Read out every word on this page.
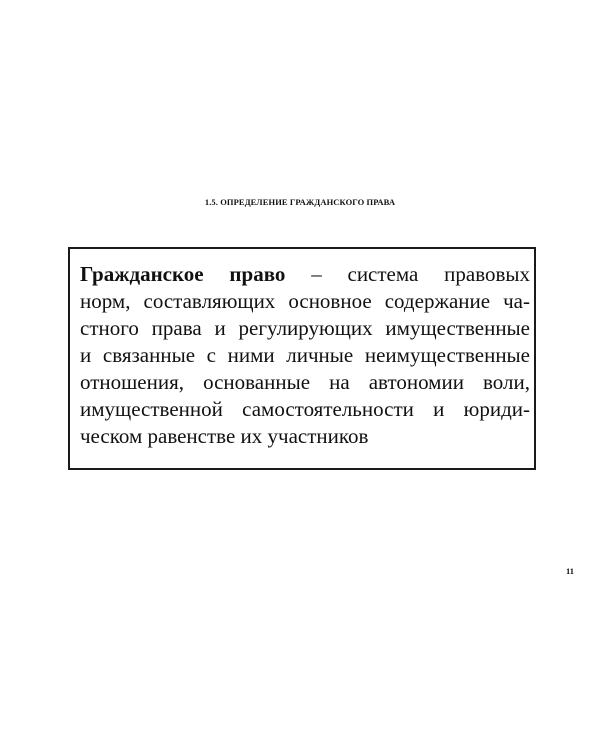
1.5. ОПРЕДЕЛЕНИЕ ГРАЖДАНСКОГО ПРАВА
Гражданское право – система правовых
норм, составляющих основное содержание ча-
стного права и регулирующих имущественные
и связанные с ними личные неимущественные
отношения, основанные на автономии воли,
имущественной самостоятельности и юриди-
ческом равенстве их участников
11
